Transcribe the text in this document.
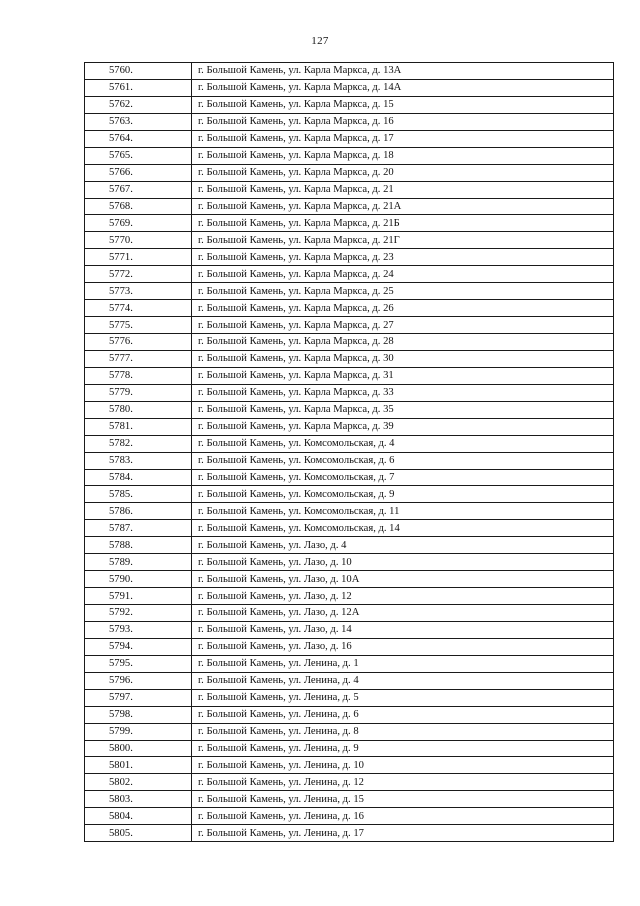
127
5760.	г. Большой Камень, ул. Карла Маркса, д. 13А
5761.	г. Большой Камень, ул. Карла Маркса, д. 14А
5762.	г. Большой Камень, ул. Карла Маркса, д. 15
5763.	г. Большой Камень, ул. Карла Маркса, д. 16
5764.	г. Большой Камень, ул. Карла Маркса, д. 17
5765.	г. Большой Камень, ул. Карла Маркса, д. 18
5766.	г. Большой Камень, ул. Карла Маркса, д. 20
5767.	г. Большой Камень, ул. Карла Маркса, д. 21
5768.	г. Большой Камень, ул. Карла Маркса, д. 21А
5769.	г. Большой Камень, ул. Карла Маркса, д. 21Б
5770.	г. Большой Камень, ул. Карла Маркса, д. 21Г
5771.	г. Большой Камень, ул. Карла Маркса, д. 23
5772.	г. Большой Камень, ул. Карла Маркса, д. 24
5773.	г. Большой Камень, ул. Карла Маркса, д. 25
5774.	г. Большой Камень, ул. Карла Маркса, д. 26
5775.	г. Большой Камень, ул. Карла Маркса, д. 27
5776.	г. Большой Камень, ул. Карла Маркса, д. 28
5777.	г. Большой Камень, ул. Карла Маркса, д. 30
5778.	г. Большой Камень, ул. Карла Маркса, д. 31
5779.	г. Большой Камень, ул. Карла Маркса, д. 33
5780.	г. Большой Камень, ул. Карла Маркса, д. 35
5781.	г. Большой Камень, ул. Карла Маркса, д. 39
5782.	г. Большой Камень, ул. Комсомольская, д. 4
5783.	г. Большой Камень, ул. Комсомольская, д. 6
5784.	г. Большой Камень, ул. Комсомольская, д. 7
5785.	г. Большой Камень, ул. Комсомольская, д. 9
5786.	г. Большой Камень, ул. Комсомольская, д. 11
5787.	г. Большой Камень, ул. Комсомольская, д. 14
5788.	г. Большой Камень, ул. Лазо, д. 4
5789.	г. Большой Камень, ул. Лазо, д. 10
5790.	г. Большой Камень, ул. Лазо, д. 10А
5791.	г. Большой Камень, ул. Лазо, д. 12
5792.	г. Большой Камень, ул. Лазо, д. 12А
5793.	г. Большой Камень, ул. Лазо, д. 14
5794.	г. Большой Камень, ул. Лазо, д. 16
5795.	г. Большой Камень, ул. Ленина, д. 1
5796.	г. Большой Камень, ул. Ленина, д. 4
5797.	г. Большой Камень, ул. Ленина, д. 5
5798.	г. Большой Камень, ул. Ленина, д. 6
5799.	г. Большой Камень, ул. Ленина, д. 8
5800.	г. Большой Камень, ул. Ленина, д. 9
5801.	г. Большой Камень, ул. Ленина, д. 10
5802.	г. Большой Камень, ул. Ленина, д. 12
5803.	г. Большой Камень, ул. Ленина, д. 15
5804.	г. Большой Камень, ул. Ленина, д. 16
5805.	г. Большой Камень, ул. Ленина, д. 17
